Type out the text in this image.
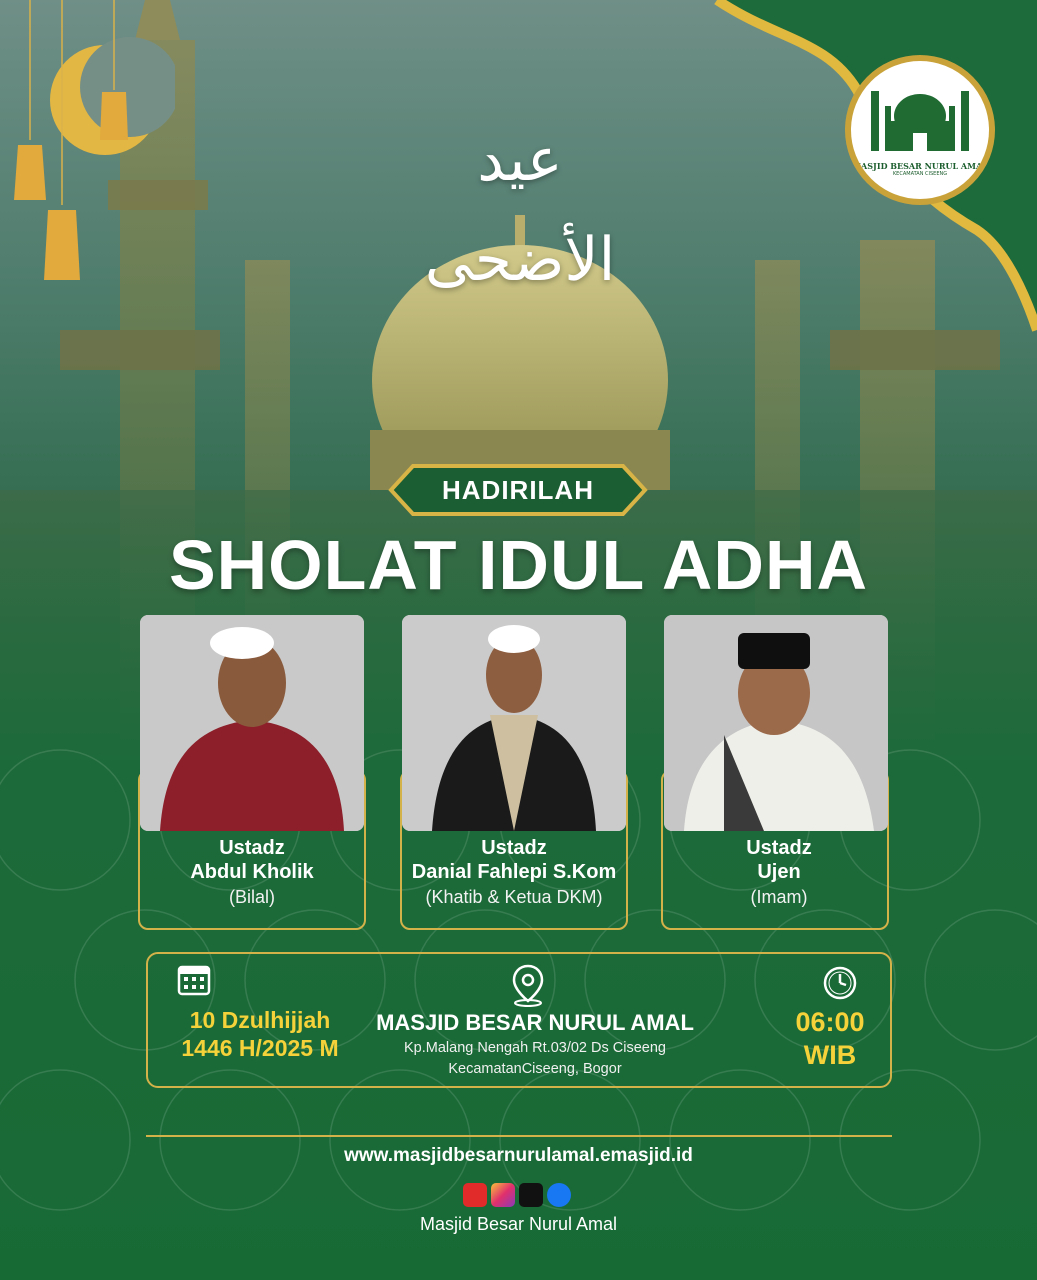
MASJID BESAR NURUL AMAL
KECAMATAN CISEENG
عيد الأضحى
HADIRILAH
SHOLAT IDUL ADHA
Ustadz
Abdul Kholik
(Bilal)
Ustadz
Danial Fahlepi S.Kom
(Khatib & Ketua DKM)
Ustadz
Ujen
(Imam)
10 Dzulhijjah
1446 H/2025 M
MASJID BESAR NURUL AMAL
Kp.Malang Nengah Rt.03/02 Ds Ciseeng
KecamatanCiseeng, Bogor
06:00
WIB
www.masjidbesarnurulamal.emasjid.id
Masjid Besar Nurul Amal
